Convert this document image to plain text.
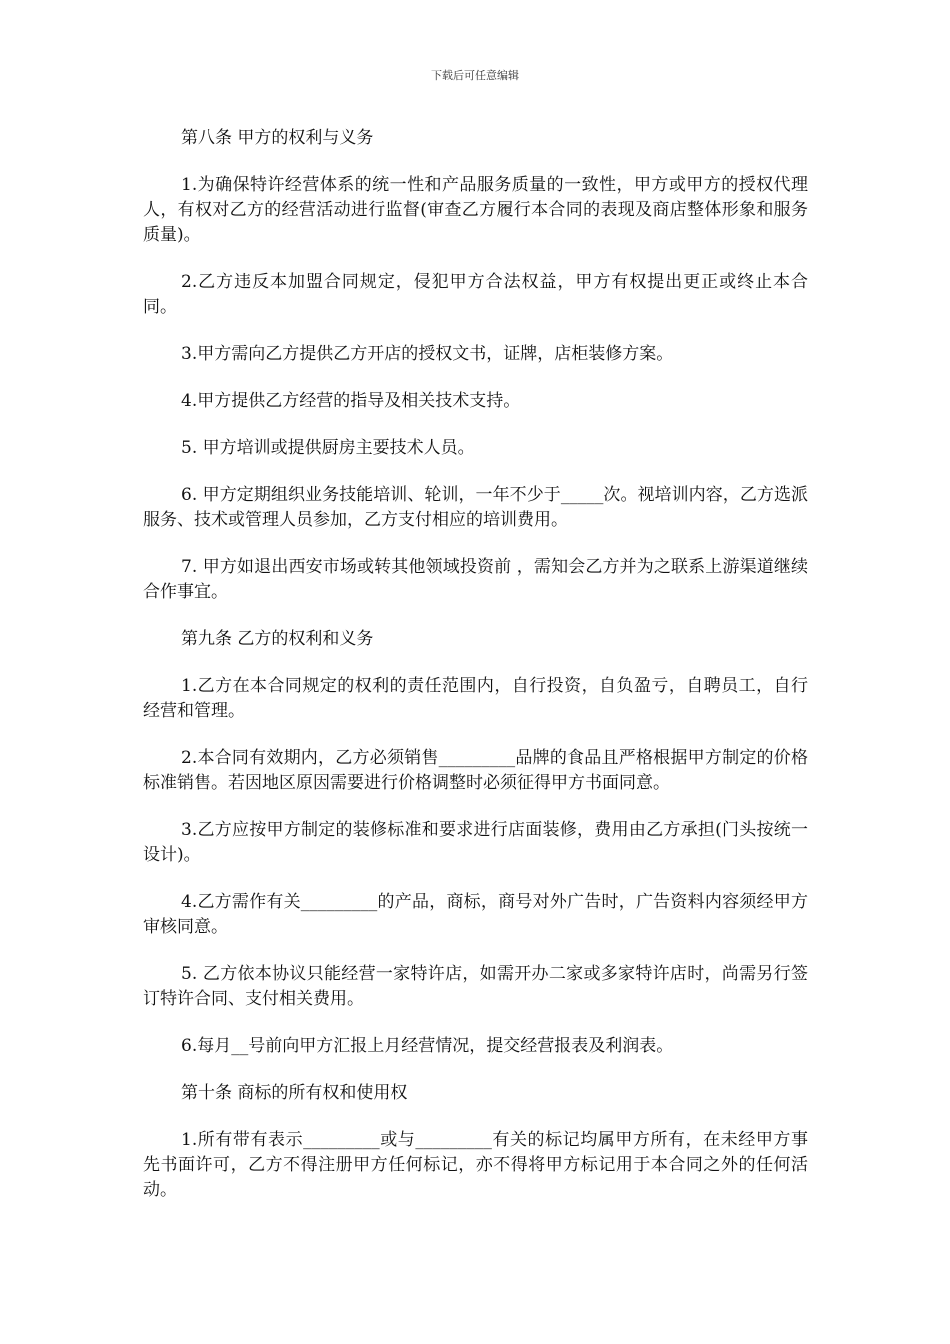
下载后可任意编辑

第八条 甲方的权利与义务

1.为确保特许经营体系的统一性和产品服务质量的一致性，甲方或甲方的授权代理人，有权对乙方的经营活动进行监督(审查乙方履行本合同的表现及商店整体形象和服务质量)。

2.乙方违反本加盟合同规定，侵犯甲方合法权益，甲方有权提出更正或终止本合同。

3.甲方需向乙方提供乙方开店的授权文书，证牌，店柜装修方案。

4.甲方提供乙方经营的指导及相关技术支持。

5. 甲方培训或提供厨房主要技术人员。

6. 甲方定期组织业务技能培训、轮训，一年不少于_____次。视培训内容，乙方选派服务、技术或管理人员参加，乙方支付相应的培训费用。

7. 甲方如退出西安市场或转其他领域投资前 ，需知会乙方并为之联系上游渠道继续合作事宜。

第九条 乙方的权利和义务

1.乙方在本合同规定的权利的责任范围内，自行投资，自负盈亏，自聘员工，自行经营和管理。

2.本合同有效期内，乙方必须销售_________品牌的食品且严格根据甲方制定的价格标准销售。若因地区原因需要进行价格调整时必须征得甲方书面同意。

3.乙方应按甲方制定的装修标准和要求进行店面装修，费用由乙方承担(门头按统一设计)。

4.乙方需作有关_________的产品，商标，商号对外广告时，广告资料内容须经甲方审核同意。

5. 乙方依本协议只能经营一家特许店，如需开办二家或多家特许店时，尚需另行签订特许合同、支付相关费用。

6.每月__号前向甲方汇报上月经营情况，提交经营报表及利润表。

第十条 商标的所有权和使用权

1.所有带有表示_________或与_________有关的标记均属甲方所有，在未经甲方事先书面许可，乙方不得注册甲方任何标记，亦不得将甲方标记用于本合同之外的任何活动。
